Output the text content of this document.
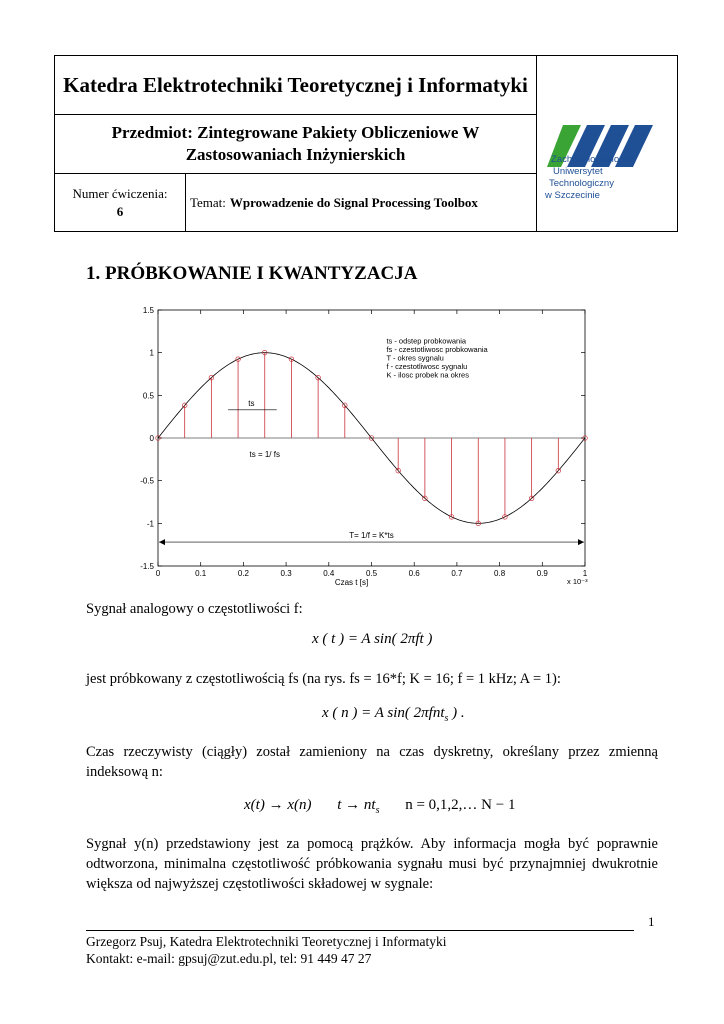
Katedra Elektrotechniki Teoretycznej i Informatyki
Przedmiot: Zintegrowane Pakiety Obliczeniowe W
Zastosowaniach Inżynierskich
Numer ćwiczenia:
6
Temat: Wprowadzenie do Signal Processing Toolbox
Zachodniopomorski
Uniwersytet
Technologiczny
w Szczecinie
1. PRÓBKOWANIE I KWANTYZACJA
1.5
1
0.5
0
-0.5
-1
-1.5
0	0.1	0.2	0.3	0.4	0.5	0.6	0.7	0.8	0.9	1
Czas t [s]	x 10⁻³
ts
ts = 1/ fs
T= 1/f = K*ts
ts - odstep probkowania
fs - czestotliwosc probkowania
T - okres sygnalu
f - czestotliwosc sygnalu
K - ilosc probek na okres

Sygnał analogowy o częstotliwości f:

x ( t ) = A sin( 2πft )

jest próbkowany z częstotliwością fs (na rys. fs = 16*f; K = 16; f = 1 kHz; A = 1):

x ( n ) = A sin( 2πfnt$_s$ ) .

Czas rzeczywisty (ciągły) został zamieniony na czas dyskretny, określany przez zmienną indeksową n:

x(t) → x(n) $t \to nt_s$ n = 0,1,2,… N − 1

Sygnał y(n) przedstawiony jest za pomocą prążków. Aby informacja mogła być poprawnie odtworzona, minimalna częstotliwość próbkowania sygnału musi być przynajmniej dwukrotnie większa od najwyższej częstotliwości składowej w sygnale:

1
Grzegorz Psuj, Katedra Elektrotechniki Teoretycznej i Informatyki
Kontakt: e-mail: gpsuj@zut.edu.pl, tel: 91 449 47 27
